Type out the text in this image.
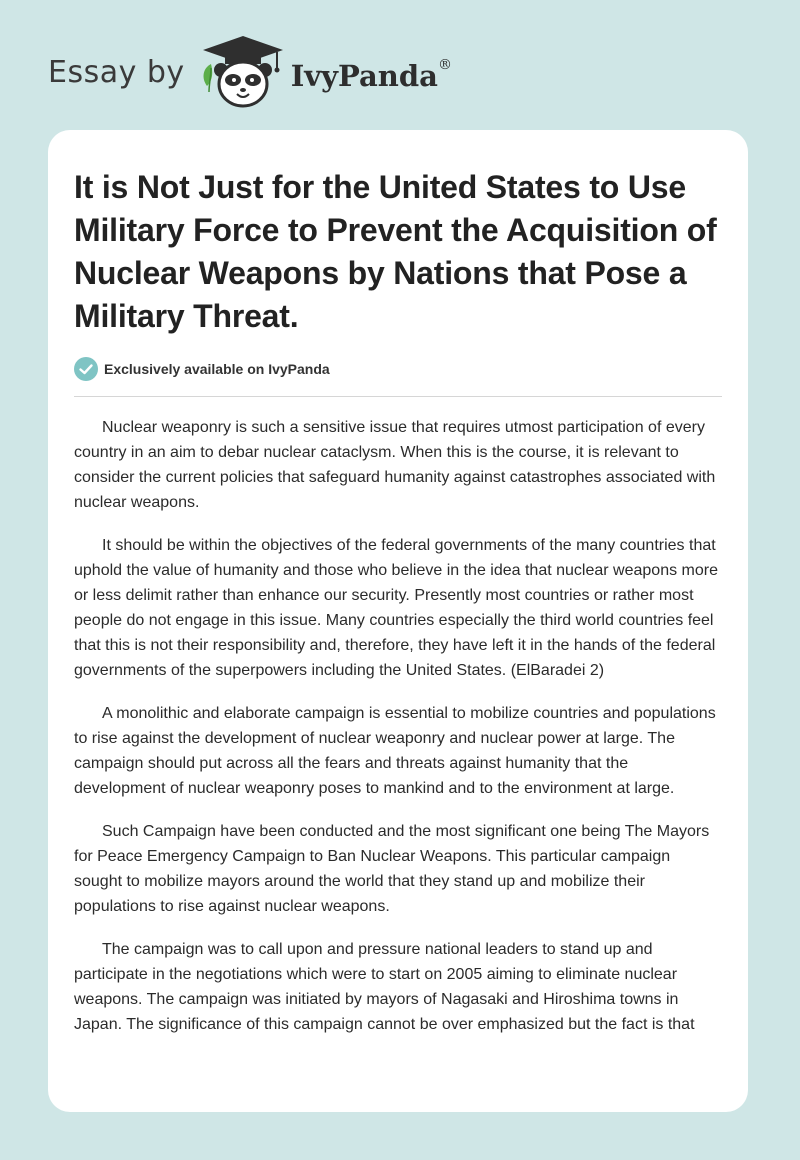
Essay by	IvyPanda®
It is Not Just for the United States to Use Military Force to Prevent the Acquisition of Nuclear Weapons by Nations that Pose a Military Threat.
Exclusively available on IvyPanda

Nuclear weaponry is such a sensitive issue that requires utmost participation of every country in an aim to debar nuclear cataclysm. When this is the course, it is relevant to consider the current policies that safeguard humanity against catastrophes associated with nuclear weapons.

It should be within the objectives of the federal governments of the many countries that uphold the value of humanity and those who believe in the idea that nuclear weapons more or less delimit rather than enhance our security. Presently most countries or rather most people do not engage in this issue. Many countries especially the third world countries feel that this is not their responsibility and, therefore, they have left it in the hands of the federal governments of the superpowers including the United States. (ElBaradei 2)

A monolithic and elaborate campaign is essential to mobilize countries and populations to rise against the development of nuclear weaponry and nuclear power at large. The campaign should put across all the fears and threats against humanity that the development of nuclear weaponry poses to mankind and to the environment at large.

Such Campaign have been conducted and the most significant one being The Mayors for Peace Emergency Campaign to Ban Nuclear Weapons. This particular campaign sought to mobilize mayors around the world that they stand up and mobilize their populations to rise against nuclear weapons.

The campaign was to call upon and pressure national leaders to stand up and participate in the negotiations which were to start on 2005 aiming to eliminate nuclear weapons. The campaign was initiated by mayors of Nagasaki and Hiroshima towns in Japan. The significance of this campaign cannot be over emphasized but the fact is that
